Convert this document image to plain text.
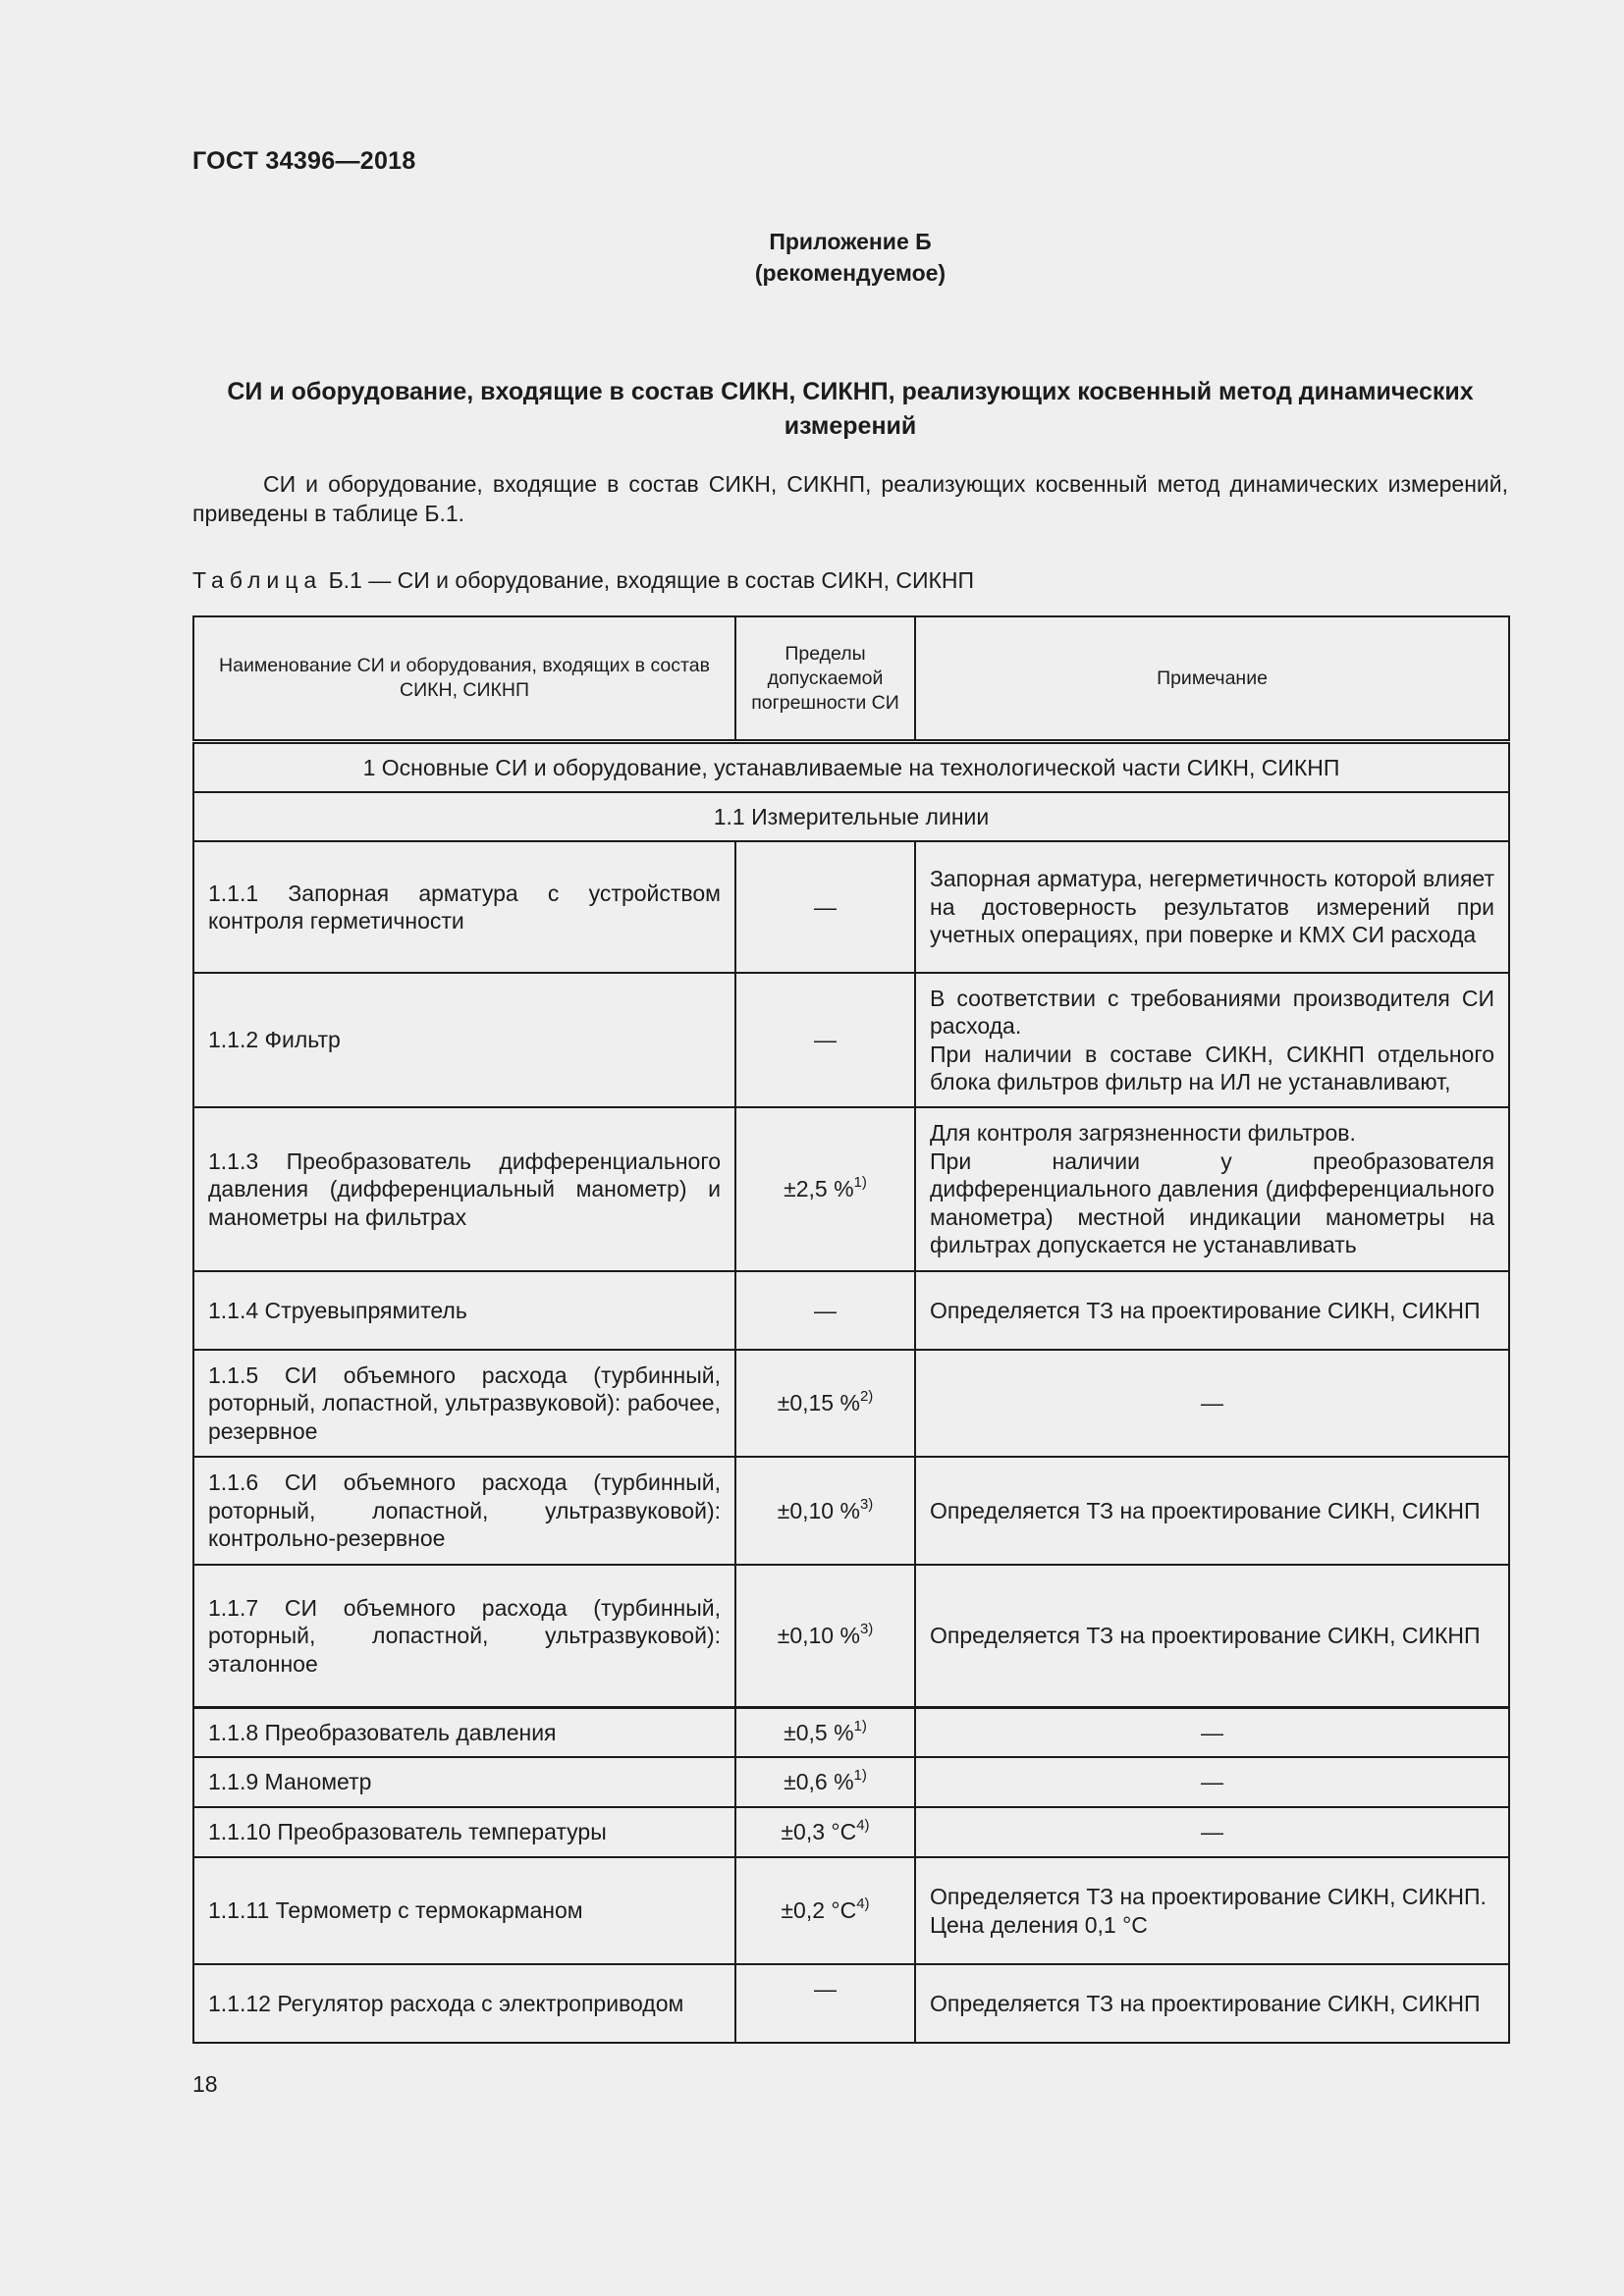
ГОСТ 34396—2018
Приложение Б
(рекомендуемое)
СИ и оборудование, входящие в состав СИКН, СИКНП, реализующих косвенный метод динамических измерений

СИ и оборудование, входящие в состав СИКН, СИКНП, реализующих косвенный метод динамических измерений, приведены в таблице Б.1.

Таблица Б.1 — СИ и оборудование, входящие в состав СИКН, СИКНП
Наименование СИ и оборудования, входящих в состав СИКН, СИКНП	Пределы допускаемой погрешности СИ	Примечание
1 Основные СИ и оборудование, устанавливаемые на технологической части СИКН, СИКНП		
1.1 Измерительные линии		
1.1.1 Запорная арматура с устройством контроля герметичности	—	Запорная арматура, негерметичность которой влияет на достоверность результатов измерений при учетных операциях, при поверке и КМХ СИ расхода
1.1.2 Фильтр	—	В соответствии с требованиями производителя СИ расхода.
При наличии в составе СИКН, СИКНП отдельного блока фильтров фильтр на ИЛ не устанавливают,
1.1.3 Преобразователь дифференциального давления (дифференциальный манометр) и манометры на фильтрах	±2,5 %$^{1)}$	Для контроля загрязненности фильтров.
При наличии у преобразователя дифференциального давления (дифференциального манометра) местной индикации манометры на фильтрах допускается не устанавливать
1.1.4 Струевыпрямитель	—	Определяется ТЗ на проектирование СИКН, СИКНП
1.1.5 СИ объемного расхода (турбинный, роторный, лопастной, ультразвуковой): рабочее, резервное	±0,15 %$^{2)}$	—
1.1.6 СИ объемного расхода (турбинный, роторный, лопастной, ультразвуковой): контрольно-резервное	±0,10 %$^{3)}$	Определяется ТЗ на проектирование СИКН, СИКНП
1.1.7 СИ объемного расхода (турбинный, роторный, лопастной, ультразвуковой): эталонное	±0,10 %$^{3)}$	Определяется ТЗ на проектирование СИКН, СИКНП
1.1.8 Преобразователь давления	±0,5 %$^{1)}$	—
1.1.9 Манометр	±0,6 %$^{1)}$	—
1.1.10 Преобразователь температуры	±0,3 $^\circ C^{4)}$	—
1.1.11 Термометр с термокарманом	±0,2 $^\circ C^{4)}$	Определяется ТЗ на проектирование СИКН, СИКНП.
Цена деления 0,1 °C
1.1.12 Регулятор расхода с электроприводом	—	Определяется ТЗ на проектирование СИКН, СИКНП
18
